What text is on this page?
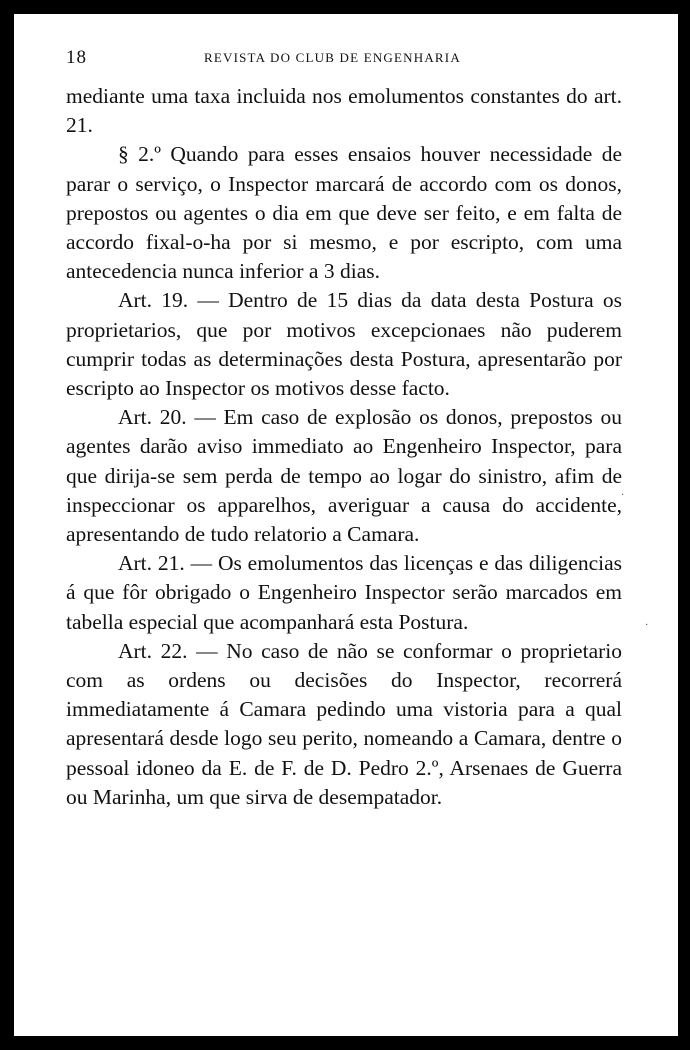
18	REVISTA DO CLUB DE ENGENHARIA

mediante uma taxa incluida nos emolumentos constantes do art. 21.

§ 2.º Quando para esses ensaios houver necessidade de parar o serviço, o Inspector marcará de accordo com os donos, prepostos ou agentes o dia em que deve ser feito, e em falta de accordo fixal-o-ha por si mesmo, e por escripto, com uma antecedencia nunca inferior a 3 dias.

Art. 19. — Dentro de 15 dias da data desta Postura os proprietarios, que por motivos excepcionaes não puderem cumprir todas as determinações desta Postura, apresentarão por escripto ao Inspector os motivos desse facto.

Art. 20. — Em caso de explosão os donos, prepostos ou agentes darão aviso immediato ao Engenheiro Inspector, para que dirija-se sem perda de tempo ao logar do sinistro, afim de inspeccionar os apparelhos, averiguar a causa do accidente, apresentando de tudo relatorio a Camara.

Art. 21. — Os emolumentos das licenças e das diligencias á que fôr obrigado o Engenheiro Inspector serão marcados em tabella especial que acompanhará esta Postura.

Art. 22. — No caso de não se conformar o proprietario com as ordens ou decisões do Inspector, recorrerá immediatamente á Camara pedindo uma vistoria para a qual apresentará desde logo seu perito, nomeando a Camara, dentre o pessoal idoneo da E. de F. de D. Pedro 2.º, Arsenaes de Guerra ou Marinha, um que sirva de desempatador.

·
·
